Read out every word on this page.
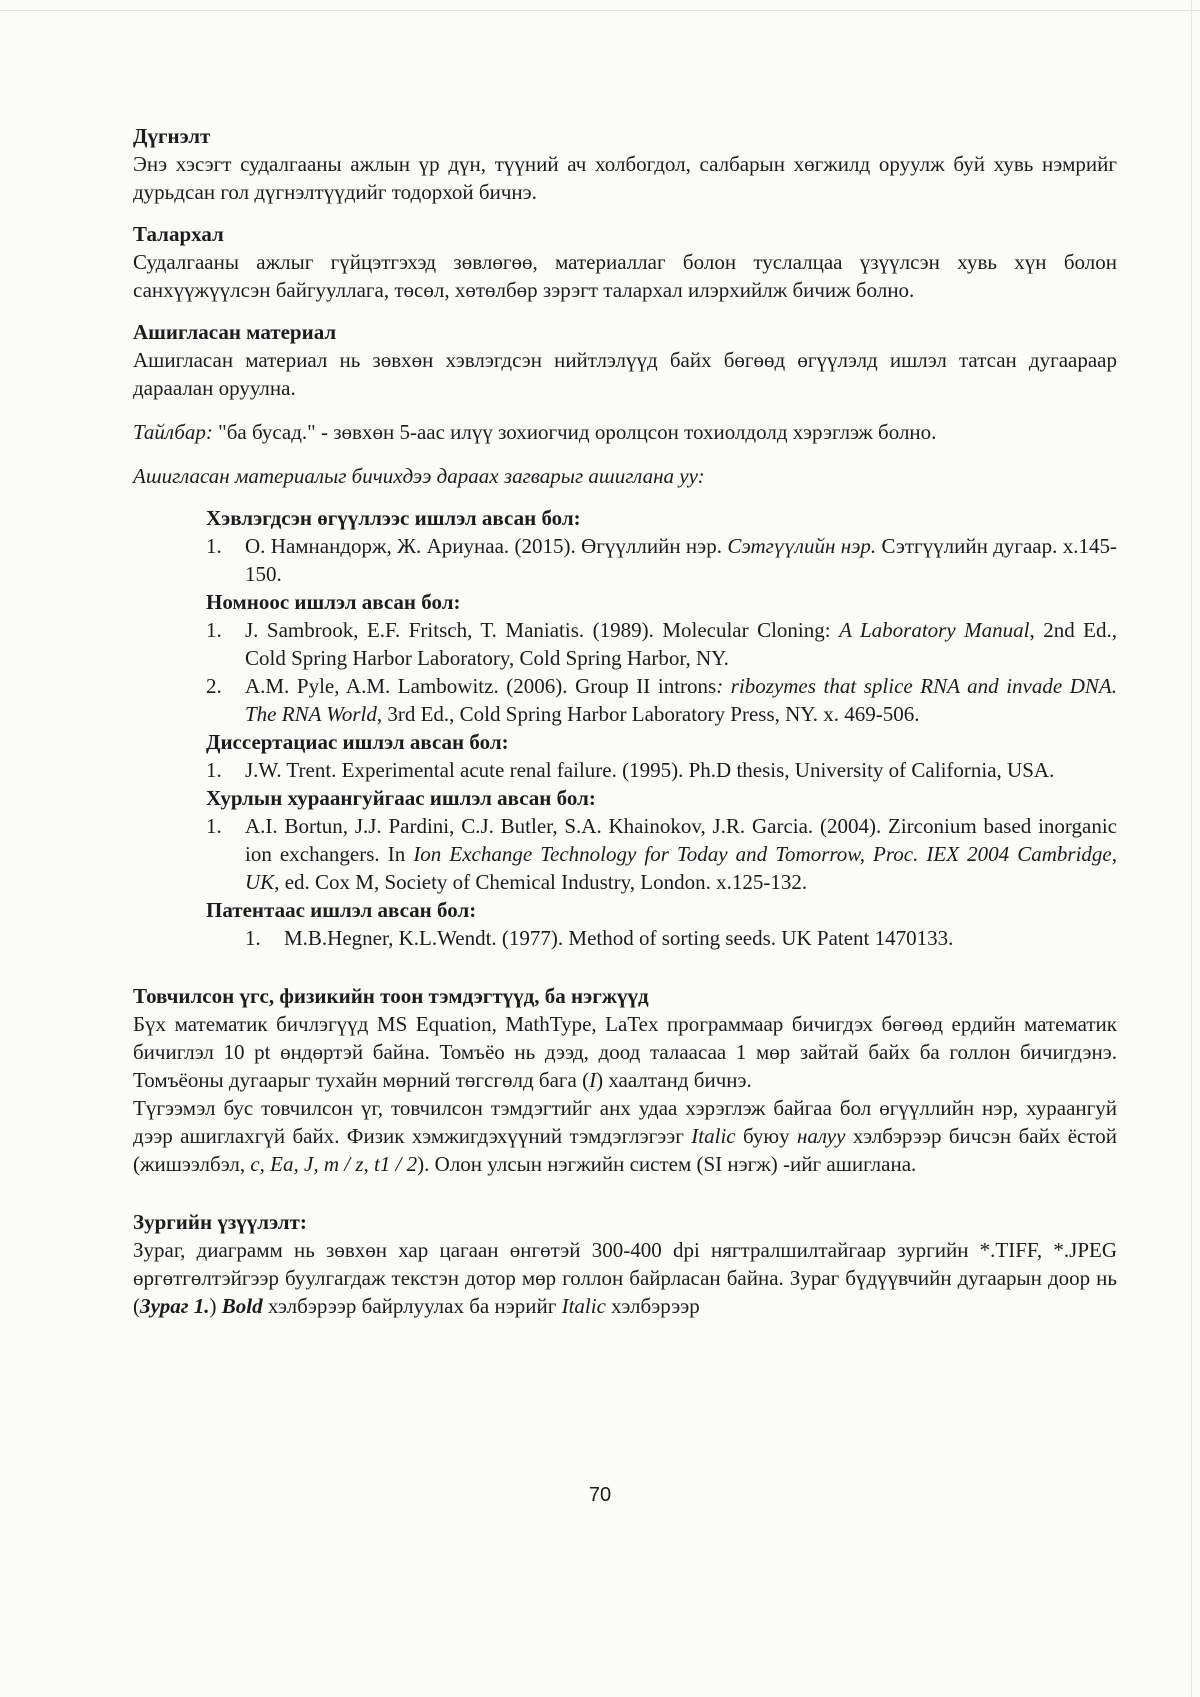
Дүгнэлт
Энэ хэсэгт судалгааны ажлын үр дүн, түүний ач холбогдол, салбарын хөгжилд оруулж буй хувь нэмрийг дурьдсан гол дүгнэлтүүдийг тодорхой бичнэ.
Талархал
Судалгааны ажлыг гүйцэтгэхэд зөвлөгөө, материаллаг болон туслалцаа үзүүлсэн хувь хүн болон санхүүжүүлсэн байгууллага, төсөл, хөтөлбөр зэрэгт талархал илэрхийлж бичиж болно.
Ашигласан материал
Ашигласан материал нь зөвхөн хэвлэгдсэн нийтлэлүүд байх бөгөөд өгүүлэлд ишлэл татсан дугаараар дараалан оруулна.
Тайлбар: "ба бусад." - зөвхөн 5-аас илүү зохиогчид оролцсон тохиолдолд хэрэглэж болно.
Ашигласан материалыг бичихдээ дараах загварыг ашиглана уу:
Хэвлэгдсэн өгүүллээс ишлэл авсан бол:
1.	О. Намнандорж, Ж. Ариунаа. (2015). Өгүүллийн нэр. Сэтгүүлийн нэр. Сэтгүүлийн дугаар. х.145-150.
Номноос ишлэл авсан бол:
1.	J. Sambrook, E.F. Fritsch, T. Maniatis. (1989). Molecular Cloning: A Laboratory Manual, 2nd Ed., Cold Spring Harbor Laboratory, Cold Spring Harbor, NY.
2.	A.M. Pyle, A.M. Lambowitz. (2006). Group II introns: ribozymes that splice RNA and invade DNA. The RNA World, 3rd Ed., Cold Spring Harbor Laboratory Press, NY. x. 469-506.
Диссертациас ишлэл авсан бол:
1.	J.W. Trent. Experimental acute renal failure. (1995). Ph.D thesis, University of California, USA.
Хурлын хураангуйгаас ишлэл авсан бол:
1.	A.I. Bortun, J.J. Pardini, C.J. Butler, S.A. Khainokov, J.R. Garcia. (2004). Zirconium based inorganic ion exchangers. In Ion Exchange Technology for Today and Tomorrow, Proc. IEX 2004 Cambridge, UK, ed. Cox M, Society of Chemical Industry, London. x.125-132.
Патентаас ишлэл авсан бол:
1.	M.B.Hegner, K.L.Wendt. (1977). Method of sorting seeds. UK Patent 1470133.
Товчилсон үгс, физикийн тоон тэмдэгтүүд, ба нэгжүүд
Бүх математик бичлэгүүд MS Equation, MathType, LaTex программаар бичигдэх бөгөөд ердийн математик бичиглэл 10 pt өндөртэй байна. Томъёо нь дээд, доод талаасаа 1 мөр зайтай байх ба голлон бичигдэнэ. Томъёоны дугаарыг тухайн мөрний төгсгөлд бага (I) хаалтанд бичнэ.
Түгээмэл бус товчилсон үг, товчилсон тэмдэгтийг анх удаа хэрэглэж байгаа бол өгүүллийн нэр, хураангуй дээр ашиглахгүй байх. Физик хэмжигдэхүүний тэмдэглэгээг Italic буюу налуу хэлбэрээр бичсэн байх ёстой (жишээлбэл, c, Ea, J, m / z, t1 / 2). Олон улсын нэгжийн систем (SI нэгж) -ийг ашиглана.
Зургийн үзүүлэлт:
Зураг, диаграмм нь зөвхөн хар цагаан өнгөтэй 300-400 dpi нягтралшилтайгаар зургийн *.TIFF, *.JPEG өргөтгөлтэйгээр буулгагдаж текстэн дотор мөр голлон байрласан байна. Зураг бүдүүвчийн дугаарын доор нь (Зураг 1.) Bold хэлбэрээр байрлуулах ба нэрийг Italic хэлбэрээр
70
